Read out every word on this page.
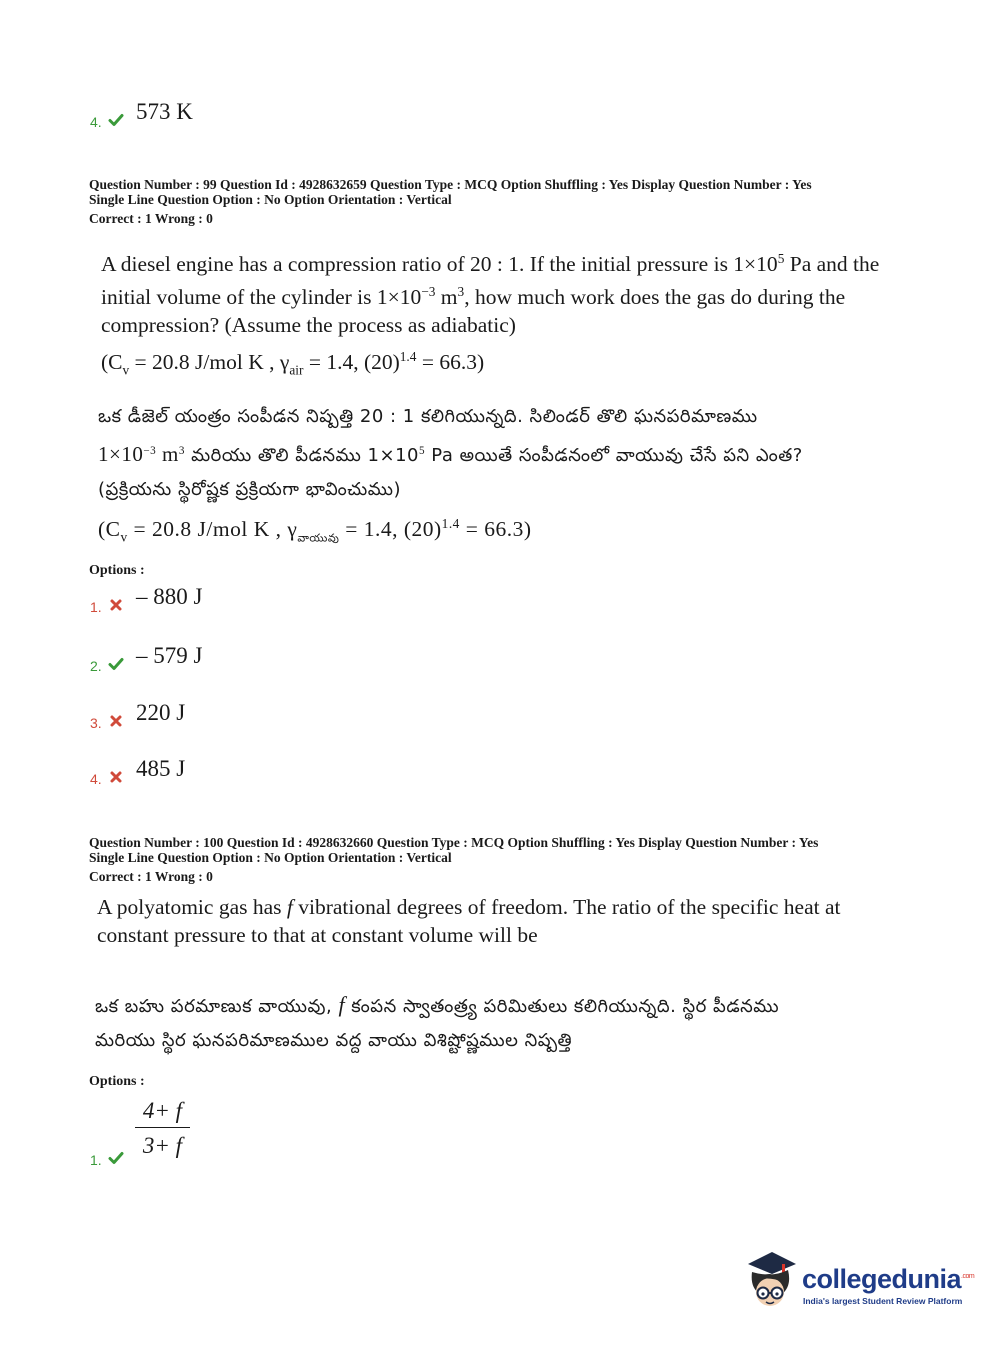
4. 573 K
Question Number : 99 Question Id : 4928632659 Question Type : MCQ Option Shuffling : Yes Display Question Number : Yes
Single Line Question Option : No Option Orientation : Vertical
Correct : 1 Wrong : 0
A diesel engine has a compression ratio of 20 : 1. If the initial pressure is $1\times 10^5$ Pa and the
initial volume of the cylinder is $1\times 10^{-3}$ $m^3$, how much work does the gas do during the
compression? (Assume the process as adiabatic)
($C_v = 20.8$ J/mol K , $\gamma_{air} = 1.4$, $(20)^{1.4} = 66.3$)
ఒక డీజెల్ యంత్రం సంపీడన నిష్పత్తి 20 : 1 కలిగియున్నది. సిలిండర్ తొలి ఘనపరిమాణము
$1\times 10^{-3}$ $m^3$ మరియు తొలి పీడనము $1\times 10^5$ Pa అయితే సంపీడనంలో వాయువు చేసే పని ఎంత?
(ప్రక్రియను స్థిరోష్ణక ప్రక్రియగా భావించుము)
($C_v = 20.8$ J/mol K , $\gamma_{వాయువు} = 1.4$, $(20)^{1.4} = 66.3$)
Options :
1. – 880 J
2. – 579 J
3. 220 J
4. 485 J
Question Number : 100 Question Id : 4928632660 Question Type : MCQ Option Shuffling : Yes Display Question Number : Yes
Single Line Question Option : No Option Orientation : Vertical
Correct : 1 Wrong : 0
A polyatomic gas has f vibrational degrees of freedom. The ratio of the specific heat at
constant pressure to that at constant volume will be
ఒక బహు పరమాణుక వాయువు, f కంపన స్వాతంత్ర్య పరిమితులు కలిగియున్నది. స్థిర పీడనము
మరియు స్థిర ఘనపరిమాణముల వద్ద వాయు విశిష్టోష్ణముల నిష్పత్తి
Options :
1.
4+ f
3+ f
collegedunia$^{.com}$
India's largest Student Review Platform
